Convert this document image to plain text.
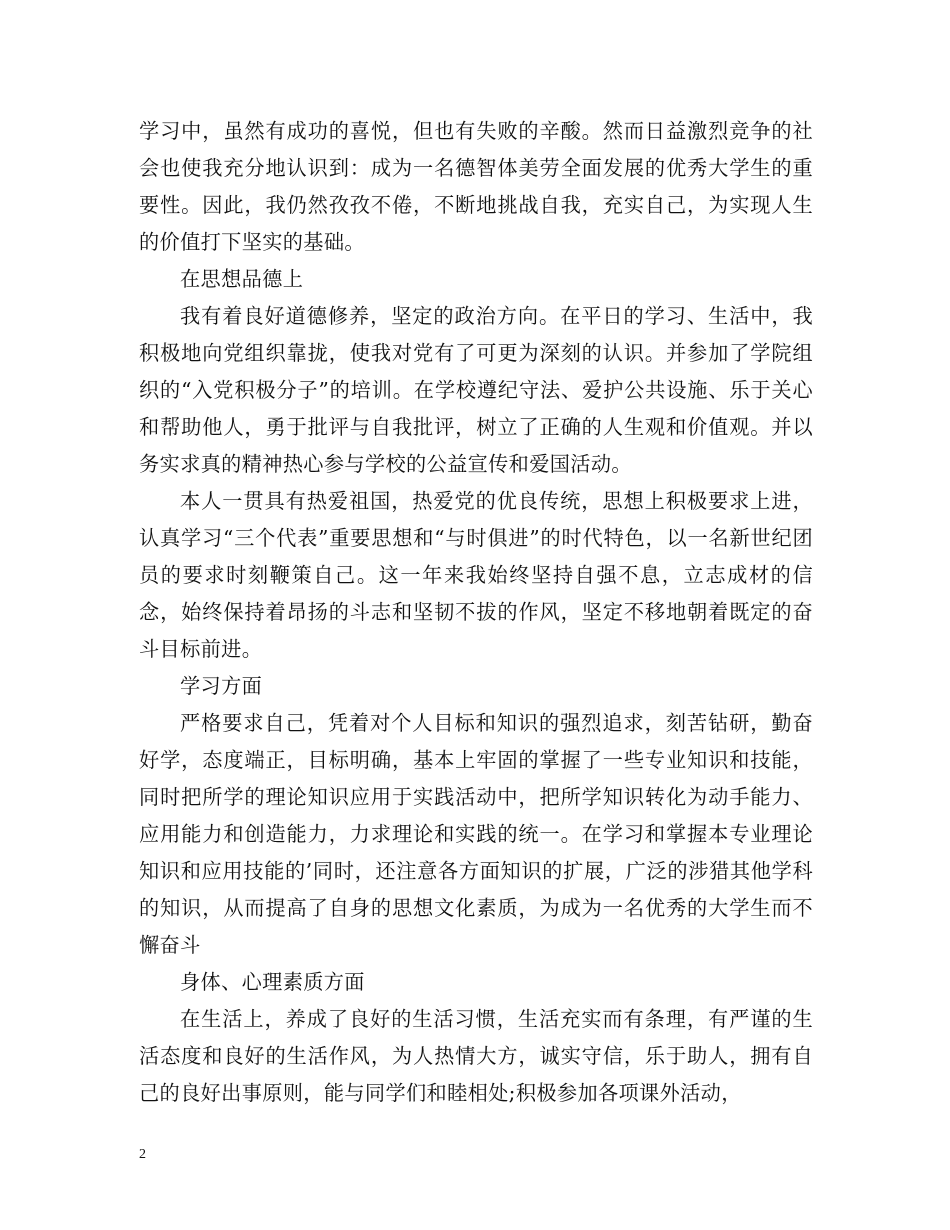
学习中，虽然有成功的喜悦，但也有失败的辛酸。然而日益激烈竞争的社会也使我充分地认识到：成为一名德智体美劳全面发展的优秀大学生的重要性。因此，我仍然孜孜不倦，不断地挑战自我，充实自己，为实现人生的价值打下坚实的基础。

在思想品德上

我有着良好道德修养，坚定的政治方向。在平日的学习、生活中，我积极地向党组织靠拢，使我对党有了可更为深刻的认识。并参加了学院组织的“入党积极分子”的培训。在学校遵纪守法、爱护公共设施、乐于关心和帮助他人，勇于批评与自我批评，树立了正确的人生观和价值观。并以务实求真的精神热心参与学校的公益宣传和爱国活动。

本人一贯具有热爱祖国，热爱党的优良传统，思想上积极要求上进，认真学习“三个代表”重要思想和“与时俱进”的时代特色，以一名新世纪团员的要求时刻鞭策自己。这一年来我始终坚持自强不息，立志成材的信念，始终保持着昂扬的斗志和坚韧不拔的作风，坚定不移地朝着既定的奋斗目标前进。

学习方面

严格要求自己，凭着对个人目标和知识的强烈追求，刻苦钻研，勤奋好学，态度端正，目标明确，基本上牢固的掌握了一些专业知识和技能，同时把所学的理论知识应用于实践活动中，把所学知识转化为动手能力、应用能力和创造能力，力求理论和实践的统一。在学习和掌握本专业理论知识和应用技能的’同时，还注意各方面知识的扩展，广泛的涉猎其他学科的知识，从而提高了自身的思想文化素质，为成为一名优秀的大学生而不懈奋斗

身体、心理素质方面

在生活上，养成了良好的生活习惯，生活充实而有条理，有严谨的生活态度和良好的生活作风，为人热情大方，诚实守信，乐于助人，拥有自己的良好出事原则，能与同学们和睦相处;积极参加各项课外活动，

2
